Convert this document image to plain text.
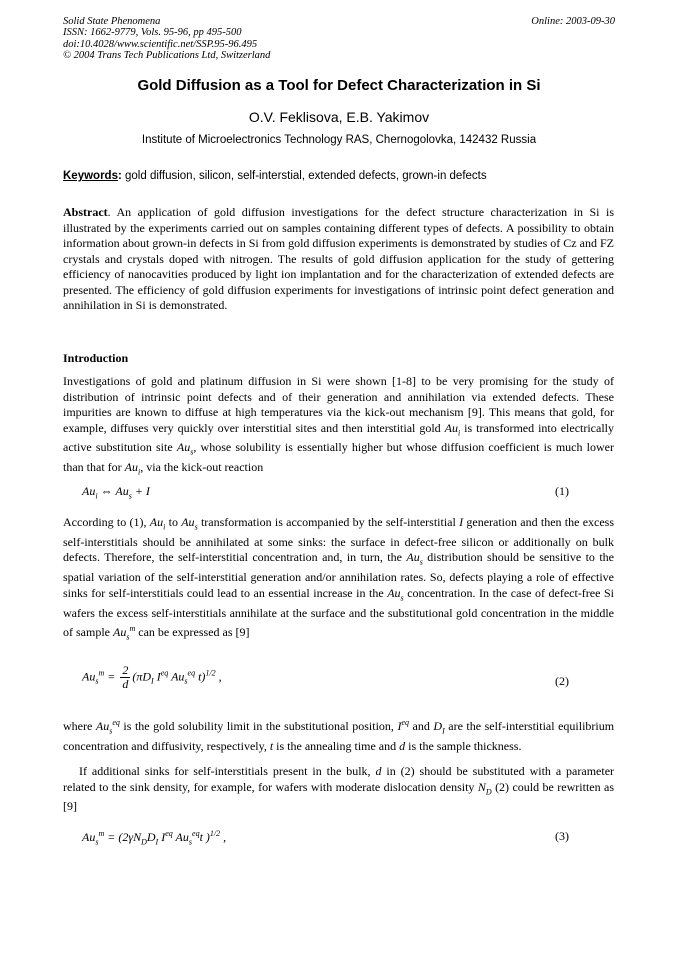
Solid State Phenomena
ISSN: 1662-9779, Vols. 95-96, pp 495-500
doi:10.4028/www.scientific.net/SSP.95-96.495
© 2004 Trans Tech Publications Ltd, Switzerland
Online: 2003-09-30
Gold Diffusion as a Tool for Defect Characterization in Si
O.V. Feklisova, E.B. Yakimov
Institute of Microelectronics Technology RAS, Chernogolovka, 142432 Russia
Keywords: gold diffusion, silicon, self-interstial, extended defects, grown-in defects

Abstract. An application of gold diffusion investigations for the defect structure characterization in Si is illustrated by the experiments carried out on samples containing different types of defects. A possibility to obtain information about grown-in defects in Si from gold diffusion experiments is demonstrated by studies of Cz and FZ crystals and crystals doped with nitrogen. The results of gold diffusion application for the study of gettering efficiency of nanocavities produced by light ion implantation and for the characterization of extended defects are presented. The efficiency of gold diffusion experiments for investigations of intrinsic point defect generation and annihilation in Si is demonstrated.

Introduction

Investigations of gold and platinum diffusion in Si were shown [1-8] to be very promising for the study of distribution of intrinsic point defects and of their generation and annihilation via extended defects. These impurities are known to diffuse at high temperatures via the kick-out mechanism [9]. This means that gold, for example, diffuses very quickly over interstitial sites and then interstitial gold $Au_i$ is transformed into electrically active substitution site $Au_s$, whose solubility is essentially higher but whose diffusion coefficient is much lower than that for $Au_i$, via the kick-out reaction

$Au_i$ ⇔ $Au_s + I$	(1)

According to (1), $Au_i$ to $Au_s$ transformation is accompanied by the self-interstitial I generation and then the excess self-interstitials should be annihilated at some sinks: the surface in defect-free silicon or additionally on bulk defects. Therefore, the self-interstitial concentration and, in turn, the $Au_s$ distribution should be sensitive to the spatial variation of the self-interstitial generation and/or annihilation rates. So, defects playing a role of effective sinks for self-interstitials could lead to an essential increase in the $Au_s$ concentration. In the case of defect-free Si wafers the excess self-interstitials annihilate at the surface and the substitutional gold concentration in the middle of sample $Au_s^m$ can be expressed as [9]

$Au_s^m = \frac{2}{d} (\pi D_I$ $I^{eq}$ $Au_s^{eq}$ t)$^{1/2}$ ,	(2)

where $Au_s^{eq}$ is the gold solubility limit in the substitutional position, $I^{eq}$ and $D_I$ are the self-interstitial equilibrium concentration and diffusivity, respectively, t is the annealing time and d is the sample thickness.

If additional sinks for self-interstitials present in the bulk, d in (2) should be substituted with a parameter related to the sink density, for example, for wafers with moderate dislocation density $N_D$ (2) could be rewritten as [9]

$Au_s^m = (2\gamma N_DD_I$ $I^{eq}$ $Au_s^{eq}t$ )$^{1/2}$ ,	(3)
